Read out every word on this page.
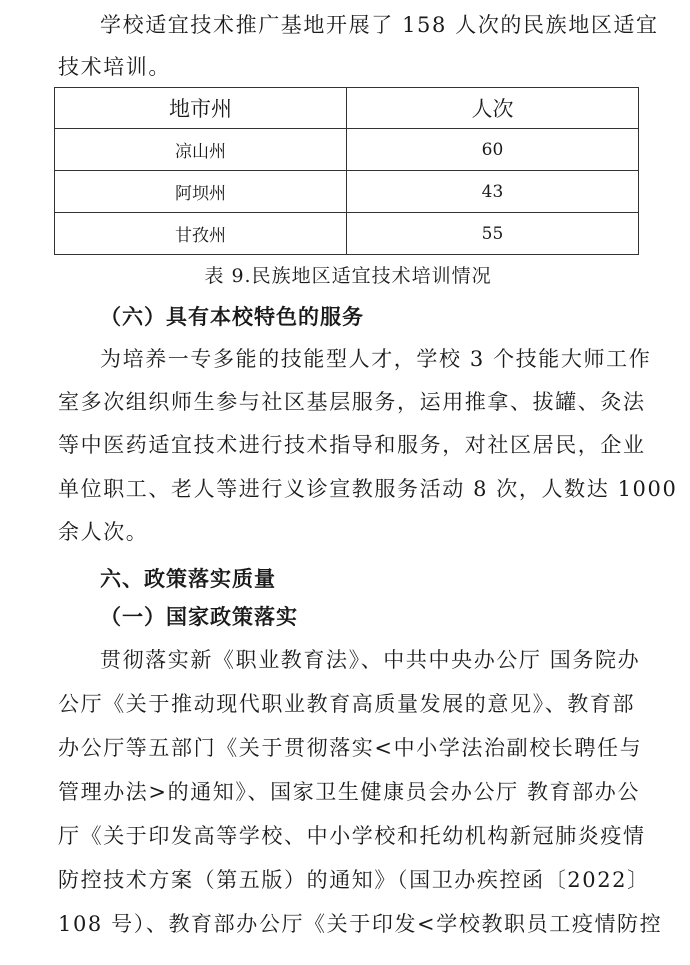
学校适宜技术推广基地开展了 158 人次的民族地区适宜
技术培训。
地市州	人次
凉山州	60
阿坝州	43
甘孜州	55
表 9.民族地区适宜技术培训情况
（六）具有本校特色的服务
为培养一专多能的技能型人才，学校 3 个技能大师工作
室多次组织师生参与社区基层服务，运用推拿、拔罐、灸法
等中医药适宜技术进行技术指导和服务，对社区居民，企业
单位职工、老人等进行义诊宣教服务活动 8 次，人数达 1000
余人次。
六、政策落实质量
（一）国家政策落实
贯彻落实新《职业教育法》、中共中央办公厅 国务院办
公厅《关于推动现代职业教育高质量发展的意见》、教育部
办公厅等五部门《关于贯彻落实<中小学法治副校长聘任与
管理办法>的通知》、国家卫生健康员会办公厅 教育部办公
厅《关于印发高等学校、中小学校和托幼机构新冠肺炎疫情
防控技术方案（第五版）的通知》（国卫办疾控函〔2022〕
108 号）、教育部办公厅《关于印发<学校教职员工疫情防控
